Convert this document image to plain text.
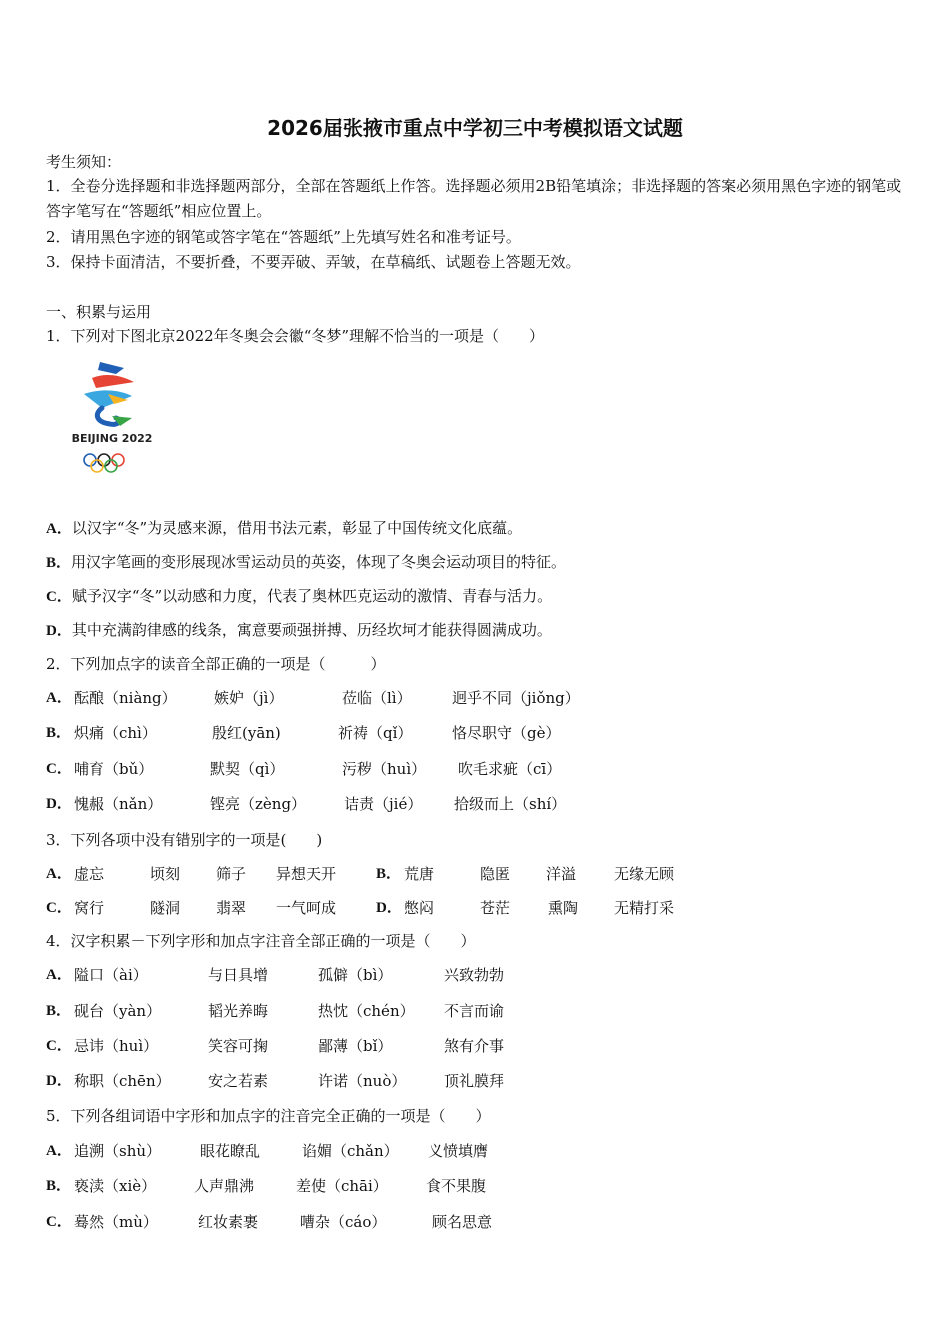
2026届张掖市重点中学初三中考模拟语文试题
考生须知：
1．全卷分选择题和非选择题两部分，全部在答题纸上作答。选择题必须用2B铅笔填涂；非选择题的答案必须用黑色字迹的钢笔或答字笔写在“答题纸”相应位置上。
2．请用黑色字迹的钢笔或答字笔在“答题纸”上先填写姓名和准考证号。
3．保持卡面清洁，不要折叠，不要弄破、弄皱，在草稿纸、试题卷上答题无效。
一、积累与运用
1．下列对下图北京2022年冬奥会会徽“冬梦”理解不恰当的一项是（　　）
BEIJING 2022
A．以汉字“冬”为灵感来源，借用书法元素，彰显了中国传统文化底蕴。
B．用汉字笔画的变形展现冰雪运动员的英姿，体现了冬奥会运动项目的特征。
C．赋予汉字“冬”以动感和力度，代表了奥林匹克运动的激情、青春与活力。
D．其中充满韵律感的线条，寓意要顽强拼搏、历经坎坷才能获得圆满成功。
2．下列加点字的读音全部正确的一项是（　　　）
A． 酝酿（niàng） 嫉妒（jì）	莅临（lì）	迥乎不同（jiǒng）
B． 炽痛（chì）	殷红(yān)	祈祷（qǐ）	恪尽职守（gè）
C． 哺育（bǔ）	默契（qì）	污秽（huì） 吹毛求疵（cī）
D． 愧赧（nǎn）	铿亮（zèng）	诘责（jié） 拾级而上（shí）
3．下列各项中没有错别字的一项是(　　)
A． 虚忘	顷刻 筛子 异想天开	B． 荒唐	隐匿 洋溢	无缘无顾
C． 窝行	隧洞 翡翠 一气呵成	D． 憋闷	苍茫	熏陶 无精打采
4．汉字积累－下列字形和加点字注音全部正确的一项是（　　）
A． 隘口（ài）	与日具增	孤僻（bì）	兴致勃勃
B． 砚台（yàn）	韬光养晦	热忱（chén） 不言而谕
C． 忌讳（huì）	笑容可掬	鄙薄（bǐ）	煞有介事
D． 称职（chēn） 安之若素	许诺（nuò）	顶礼膜拜
5．下列各组词语中字形和加点字的注音完全正确的一项是（　　）
A． 追溯（shù）	眼花瞭乱	谄媚（chǎn） 义愤填膺
B． 亵渎（xiè）	人声鼎沸	差使（chāi）	食不果腹
C． 蓦然（mù）	红妆素裹	嘈杂（cáo）	顾名思意
